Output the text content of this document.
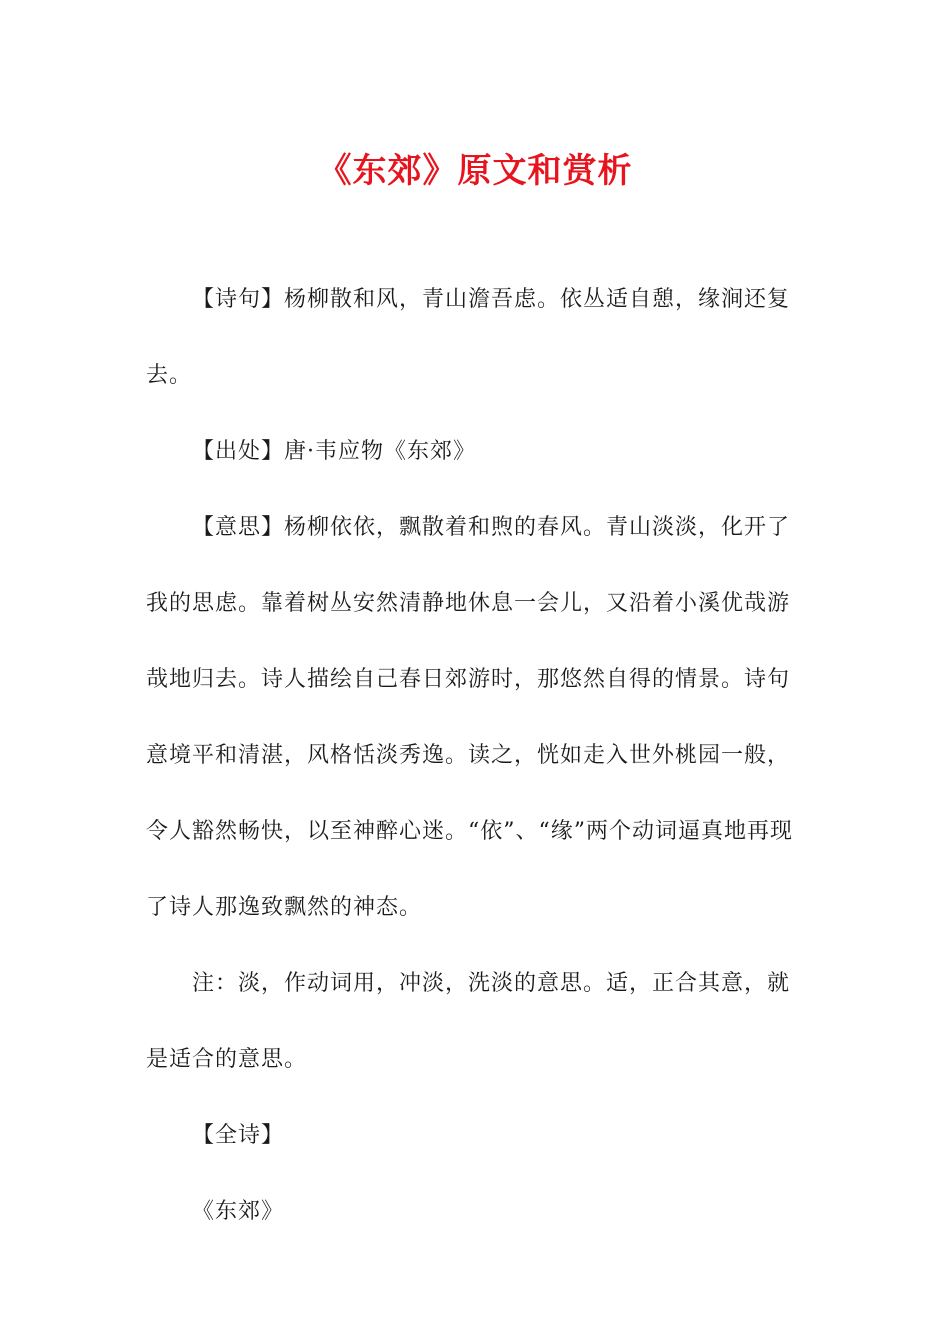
《东郊》原文和赏析

【诗句】杨柳散和风，青山澹吾虑。依丛适自憩，缘涧还复去。

【出处】唐·韦应物《东郊》

【意思】杨柳依依，飘散着和煦的春风。青山淡淡，化开了我的思虑。靠着树丛安然清静地休息一会儿，又沿着小溪优哉游哉地归去。诗人描绘自己春日郊游时，那悠然自得的情景。诗句意境平和清湛，风格恬淡秀逸。读之，恍如走入世外桃园一般，令人豁然畅快，以至神醉心迷。“依”、“缘”两个动词逼真地再现了诗人那逸致飘然的神态。

注：淡，作动词用，冲淡，洗淡的意思。适，正合其意，就是适合的意思。

【全诗】

《东郊》
